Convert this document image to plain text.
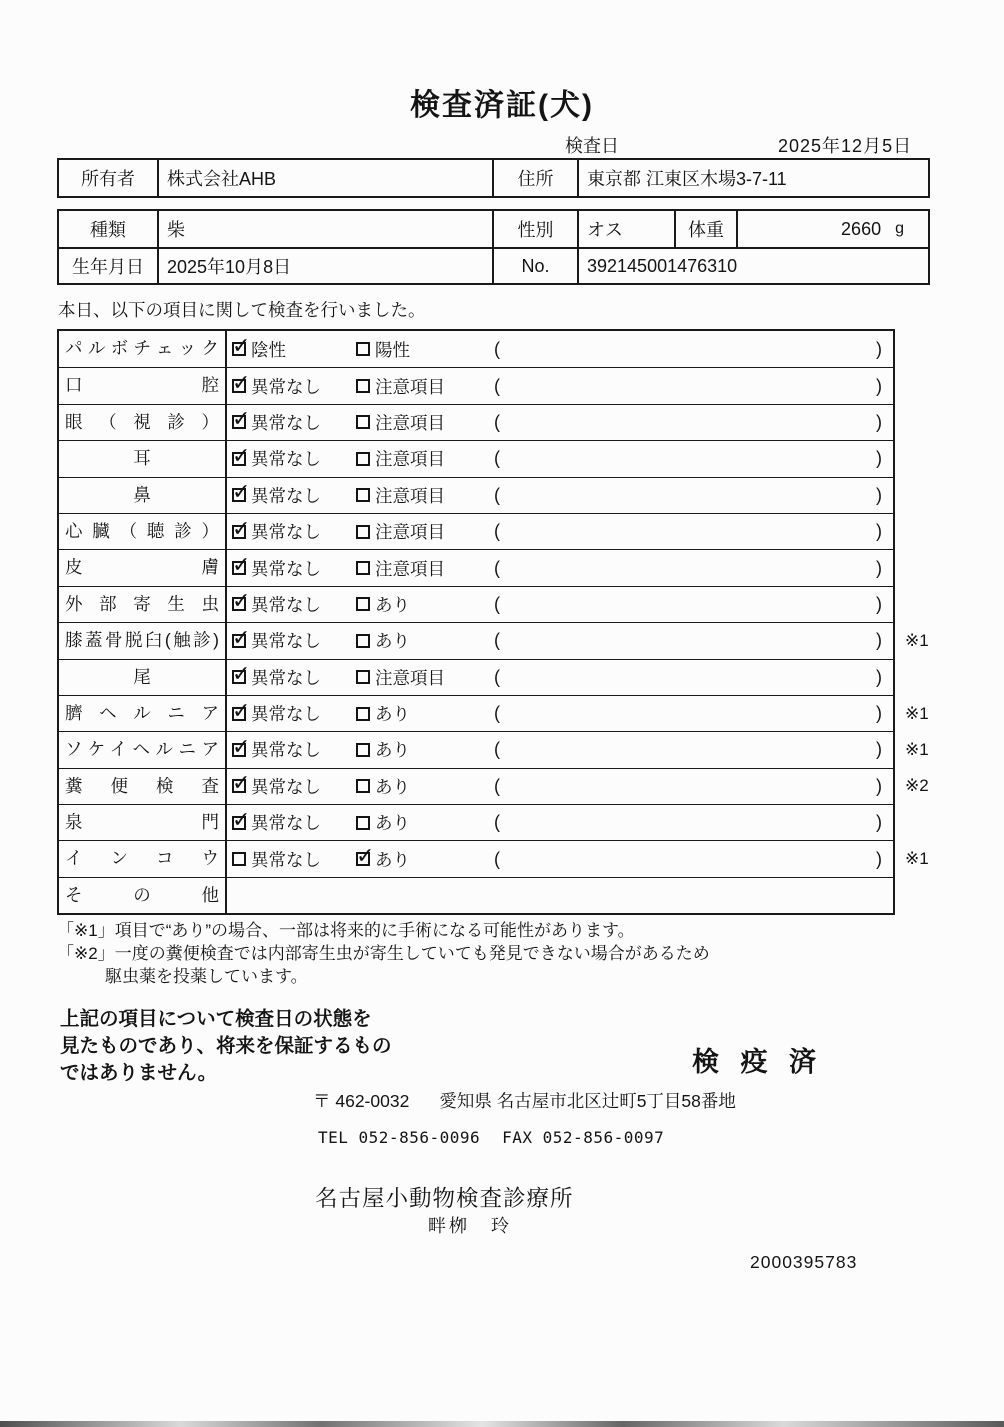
検査済証(犬)
検査日	2025年12月5日
所有者	株式会社AHB	住所	東京都 江東区木場3-7-11
種類	柴	性別	オス	体重	2660 g
生年月日	2025年10月8日	No.	392145001476310
本日、以下の項目に関して検査を行いました。
パルボチェック ✓	陰性	陽性	(	)
口腔 ✓	異常なし	注意項目	(	)
眼（視診） ✓	異常なし	注意項目	(	)
耳 ✓	異常なし	注意項目	(	)
鼻 ✓	異常なし	注意項目	(	)
心臓（聴診） ✓	異常なし	注意項目	(	)
皮膚 ✓	異常なし	注意項目	(	)
外部寄生虫 ✓	異常なし	あり	(	)
膝蓋骨脱臼(触診) ✓	異常なし	あり	(	) ※1
尾 ✓	異常なし	注意項目	(	)
臍ヘルニア ✓	異常なし	あり	(	) ※1
ソケイヘルニア ✓	異常なし	あり	(	) ※1
糞便検査 ✓	異常なし	あり	(	) ※2
泉門 ✓	異常なし	あり	(	)
インコウ	異常なし ✓	あり	(	) ※1
その他
「※1」項目で“あり”の場合、一部は将来的に手術になる可能性があります。
「※2」一度の糞便検査では内部寄生虫が寄生していても発見できない場合があるため
駆虫薬を投薬しています。
上記の項目について検査日の状態を
見たものであり、将来を保証するもの
ではありません。	検 疫 済
〒 462-0032 愛知県 名古屋市北区辻町5丁目58番地
TEL 052-856-0096 FAX 052-856-0097
名古屋小動物検査診療所
畔栁　玲
2000395783
